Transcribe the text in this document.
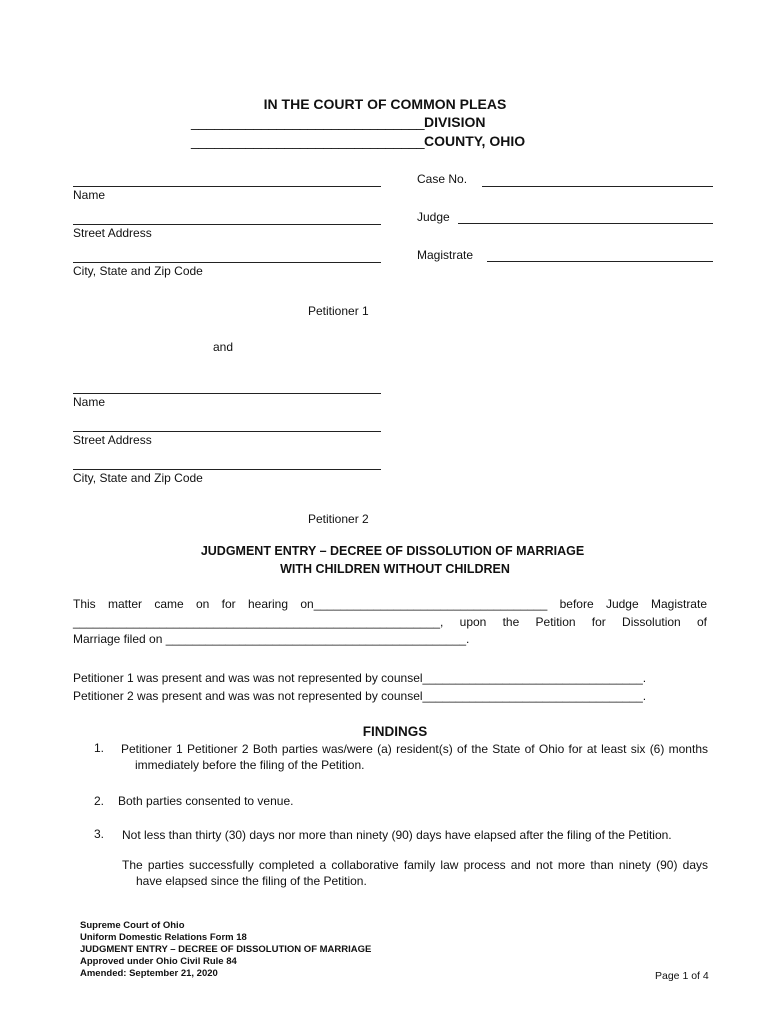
IN THE COURT OF COMMON PLEAS
______________________________ DIVISION
______________________________ COUNTY, OHIO
Name
Street Address
City, State and Zip Code
Petitioner 1
Case No.
Judge
Magistrate
and
Name
Street Address
City, State and Zip Code
Petitioner 2
JUDGMENT ENTRY – DECREE OF DISSOLUTION OF MARRIAGE
WITH CHILDREN WITHOUT CHILDREN
This matter came on for hearing on___________________________________ before Judge Magistrate
_______________________________________________________, upon the Petition for Dissolution of
Marriage filed on _____________________________________________.
Petitioner 1 was present and was was not represented by counsel_________________________________.
Petitioner 2 was present and was was not represented by counsel_________________________________.
FINDINGS
1. Petitioner 1 Petitioner 2 Both parties was/were (a) resident(s) of the State of Ohio for at least six (6) months immediately before the filing of the Petition.
2. Both parties consented to venue.
3. Not less than thirty (30) days nor more than ninety (90) days have elapsed after the filing of the Petition.
The parties successfully completed a collaborative family law process and not more than ninety (90) days have elapsed since the filing of the Petition.
Supreme Court of Ohio
Uniform Domestic Relations Form 18
JUDGMENT ENTRY – DECREE OF DISSOLUTION OF MARRIAGE
Approved under Ohio Civil Rule 84
Amended: September 21, 2020	Page 1 of 4
